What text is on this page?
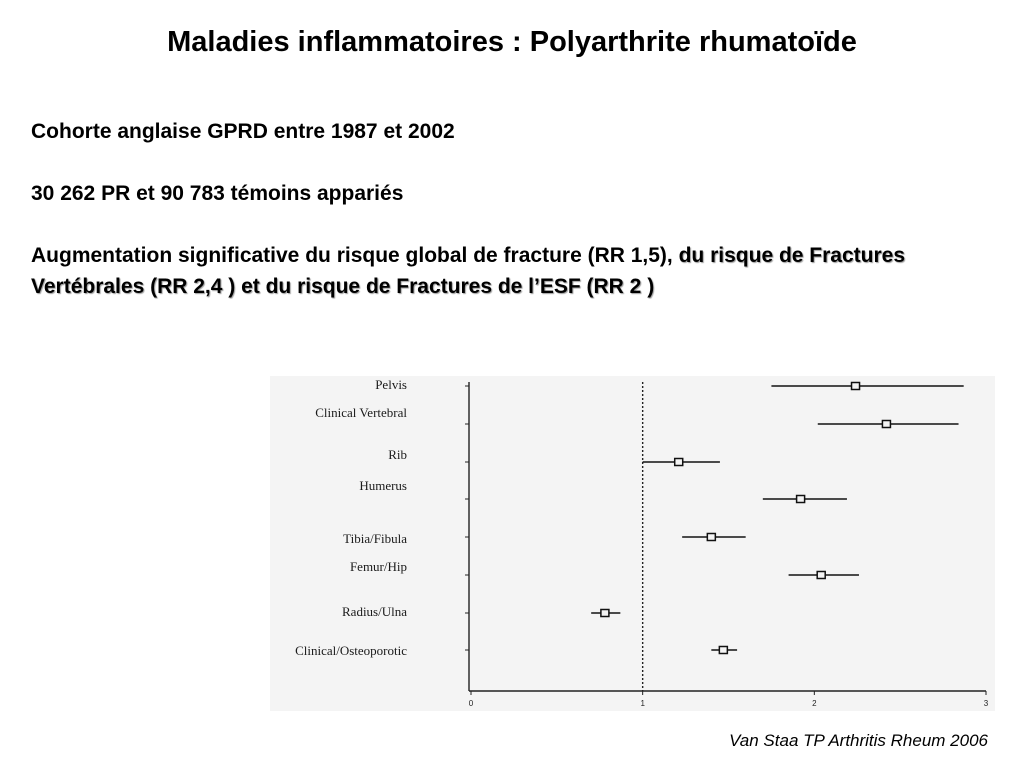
Maladies inflammatoires : Polyarthrite rhumatoïde
Cohorte anglaise GPRD entre 1987 et 2002
30 262 PR et 90 783 témoins appariés
Augmentation significative du risque global de fracture (RR 1,5), du risque de Fractures Vertébrales (RR 2,4 ) et du risque de Fractures de l’ESF (RR 2 )
0	1	2	3
Pelvis
Clinical Vertebral
Rib
Humerus
Tibia/Fibula
Femur/Hip
Radius/Ulna
Clinical/Osteoporotic
Van Staa TP Arthritis Rheum 2006
